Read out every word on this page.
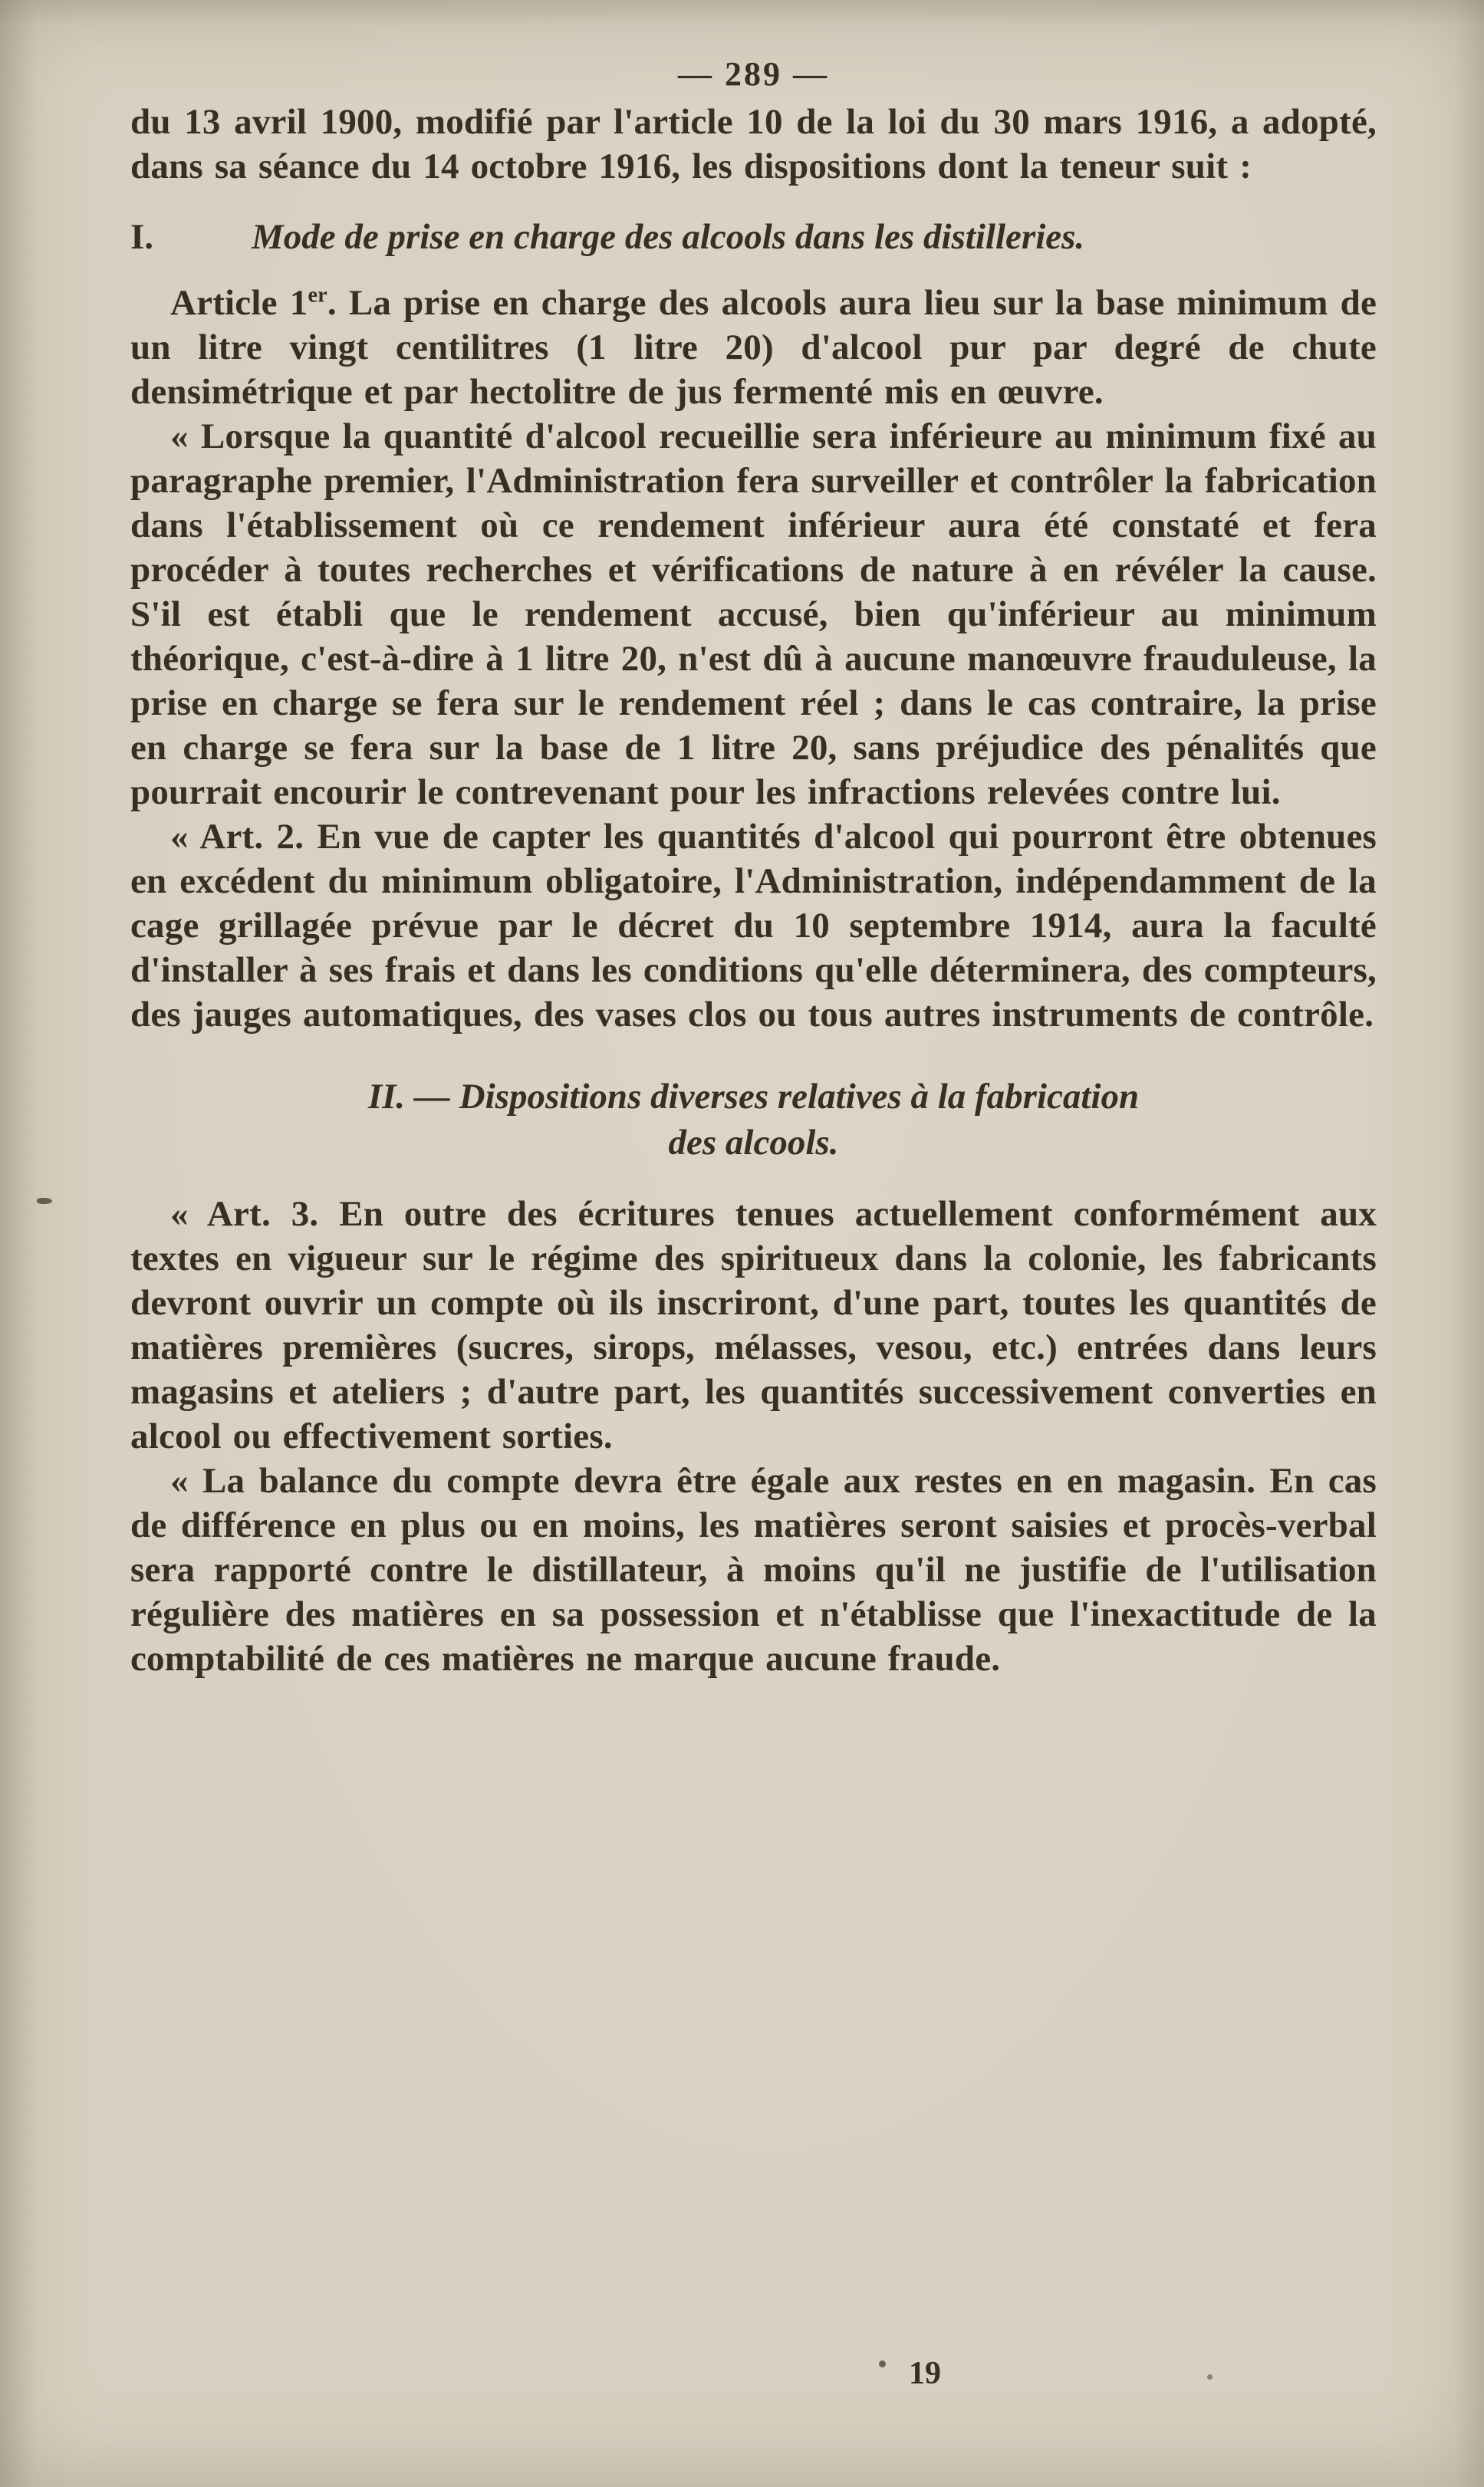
— 289 —

du 13 avril 1900, modifié par l'article 10 de la loi du 30 mars 1916, a adopté, dans sa séance du 14 octobre 1916, les dispositions dont la teneur suit :

I.	Mode de prise en charge des alcools dans les distilleries.

Article 1er. La prise en charge des alcools aura lieu sur la base minimum de un litre vingt centilitres (1 litre 20) d'alcool pur par degré de chute densimétrique et par hectolitre de jus fermenté mis en œuvre.

« Lorsque la quantité d'alcool recueillie sera inférieure au minimum fixé au paragraphe premier, l'Administration fera surveiller et contrôler la fabrication dans l'établissement où ce rendement inférieur aura été constaté et fera procéder à toutes recherches et vérifications de nature à en révéler la cause. S'il est établi que le rendement accusé, bien qu'inférieur au minimum théorique, c'est-à-dire à 1 litre 20, n'est dû à aucune manœuvre frauduleuse, la prise en charge se fera sur le rendement réel ; dans le cas contraire, la prise en charge se fera sur la base de 1 litre 20, sans préjudice des pénalités que pourrait encourir le contrevenant pour les infractions relevées contre lui.

« Art. 2. En vue de capter les quantités d'alcool qui pourront être obtenues en excédent du minimum obligatoire, l'Administration, indépendamment de la cage grillagée prévue par le décret du 10 septembre 1914, aura la faculté d'installer à ses frais et dans les conditions qu'elle déterminera, des compteurs, des jauges automatiques, des vases clos ou tous autres instruments de contrôle.

II. — Dispositions diverses relatives à la fabrication
des alcools.

« Art. 3. En outre des écritures tenues actuellement conformément aux textes en vigueur sur le régime des spiritueux dans la colonie, les fabricants devront ouvrir un compte où ils inscriront, d'une part, toutes les quantités de matières premières (sucres, sirops, mélasses, vesou, etc.) entrées dans leurs magasins et ateliers ; d'autre part, les quantités successivement converties en alcool ou effectivement sorties.

« La balance du compte devra être égale aux restes en en magasin. En cas de différence en plus ou en moins, les matières seront saisies et procès-verbal sera rapporté contre le distillateur, à moins qu'il ne justifie de l'utilisation régulière des matières en sa possession et n'établisse que l'inexactitude de la comptabilité de ces matières ne marque aucune fraude.

19
